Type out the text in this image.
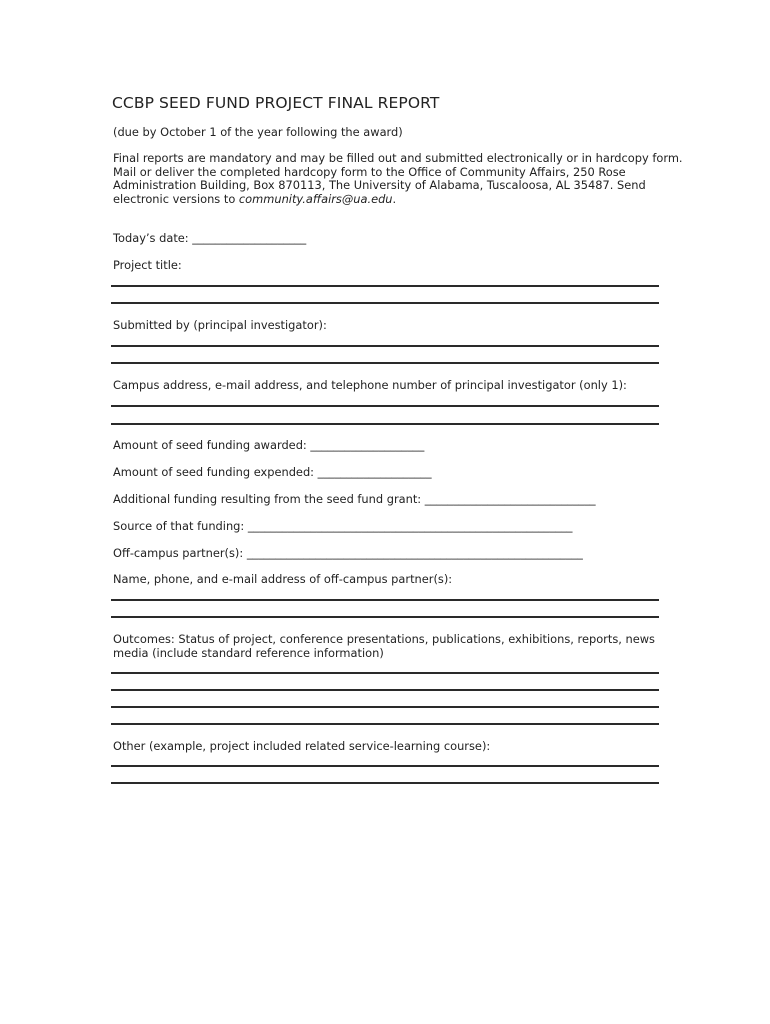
CCBP SEED FUND PROJECT FINAL REPORT
(due by October 1 of the year following the award)
Final reports are mandatory and may be filled out and submitted electronically or in hardcopy form.
Mail or deliver the completed hardcopy form to the Office of Community Affairs, 250 Rose
Administration Building, Box 870113, The University of Alabama, Tuscaloosa, AL 35487. Send
electronic versions to community.affairs@ua.edu.
Today’s date: ____________________
Project title:
Submitted by (principal investigator):
Campus address, e-mail address, and telephone number of principal investigator (only 1):
Amount of seed funding awarded: ____________________
Amount of seed funding expended: ____________________
Additional funding resulting from the seed fund grant: ______________________________
Source of that funding: _________________________________________________________
Off-campus partner(s): ___________________________________________________________
Name, phone, and e-mail address of off-campus partner(s):
Outcomes: Status of project, conference presentations, publications, exhibitions, reports, news
media (include standard reference information)
Other (example, project included related service-learning course):
